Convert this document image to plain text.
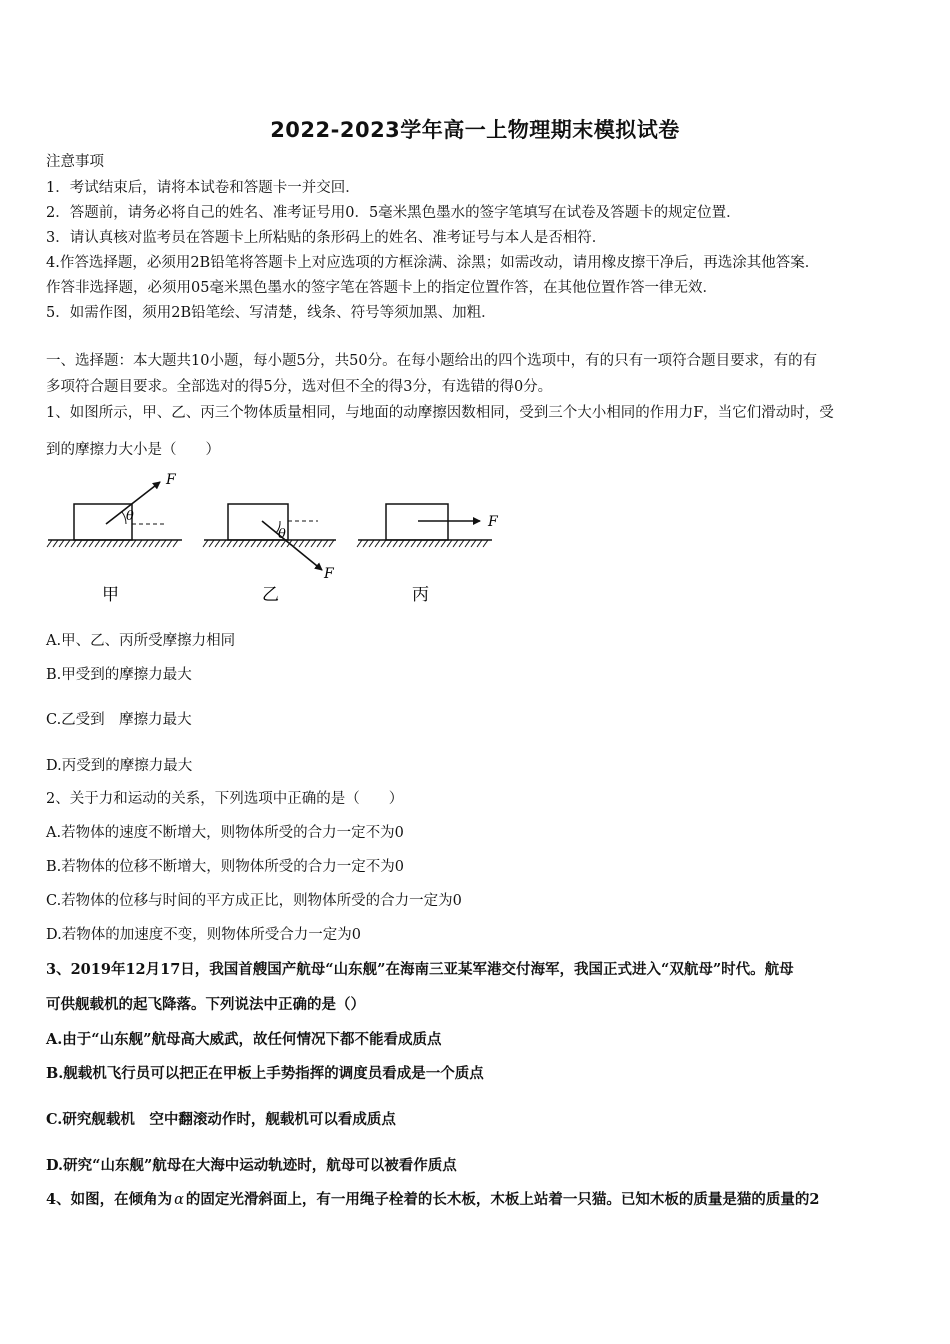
2022-2023学年高一上物理期末模拟试卷
注意事项
1．考试结束后，请将本试卷和答题卡一并交回．
2．答题前，请务必将自己的姓名、准考证号用0．5毫米黑色墨水的签字笔填写在试卷及答题卡的规定位置．
3．请认真核对监考员在答题卡上所粘贴的条形码上的姓名、准考证号与本人是否相符．
4.作答选择题，必须用2B铅笔将答题卡上对应选项的方框涂满、涂黑；如需改动，请用橡皮擦干净后，再选涂其他答案．
作答非选择题，必须用05毫米黑色墨水的签字笔在答题卡上的指定位置作答，在其他位置作答一律无效．
5．如需作图，须用2B铅笔绘、写清楚，线条、符号等须加黑、加粗．
一、选择题：本大题共10小题，每小题5分，共50分。在每小题给出的四个选项中，有的只有一项符合题目要求，有的有
多项符合题目要求。全部选对的得5分，选对但不全的得3分，有选错的得0分。
1、如图所示，甲、乙、丙三个物体质量相同，与地面的动摩擦因数相同，受到三个大小相同的作用力F，当它们滑动时，受
到的摩擦力大小是（　　）
θ
F
θ
F
F
甲	乙	丙
A.甲、乙、丙所受摩擦力相同
B.甲受到的摩擦力最大
C.乙受到　摩擦力最大
D.丙受到的摩擦力最大
2、关于力和运动的关系，下列选项中正确的是（　　）
A.若物体的速度不断增大，则物体所受的合力一定不为0
B.若物体的位移不断增大，则物体所受的合力一定不为0
C.若物体的位移与时间的平方成正比，则物体所受的合力一定为0
D.若物体的加速度不变，则物体所受合力一定为0
3、2019年12月17日，我国首艘国产航母“山东舰”在海南三亚某军港交付海军，我国正式进入“双航母”时代。航母
可供舰载机的起飞降落。下列说法中正确的是（）
A.由于“山东舰”航母高大威武，故任何情况下都不能看成质点
B.舰载机飞行员可以把正在甲板上手势指挥的调度员看成是一个质点
C.研究舰载机　空中翻滚动作时，舰载机可以看成质点
D.研究“山东舰”航母在大海中运动轨迹时，航母可以被看作质点
4、如图，在倾角为 α 的固定光滑斜面上，有一用绳子栓着的长木板，木板上站着一只猫。已知木板的质量是猫的质量的2
